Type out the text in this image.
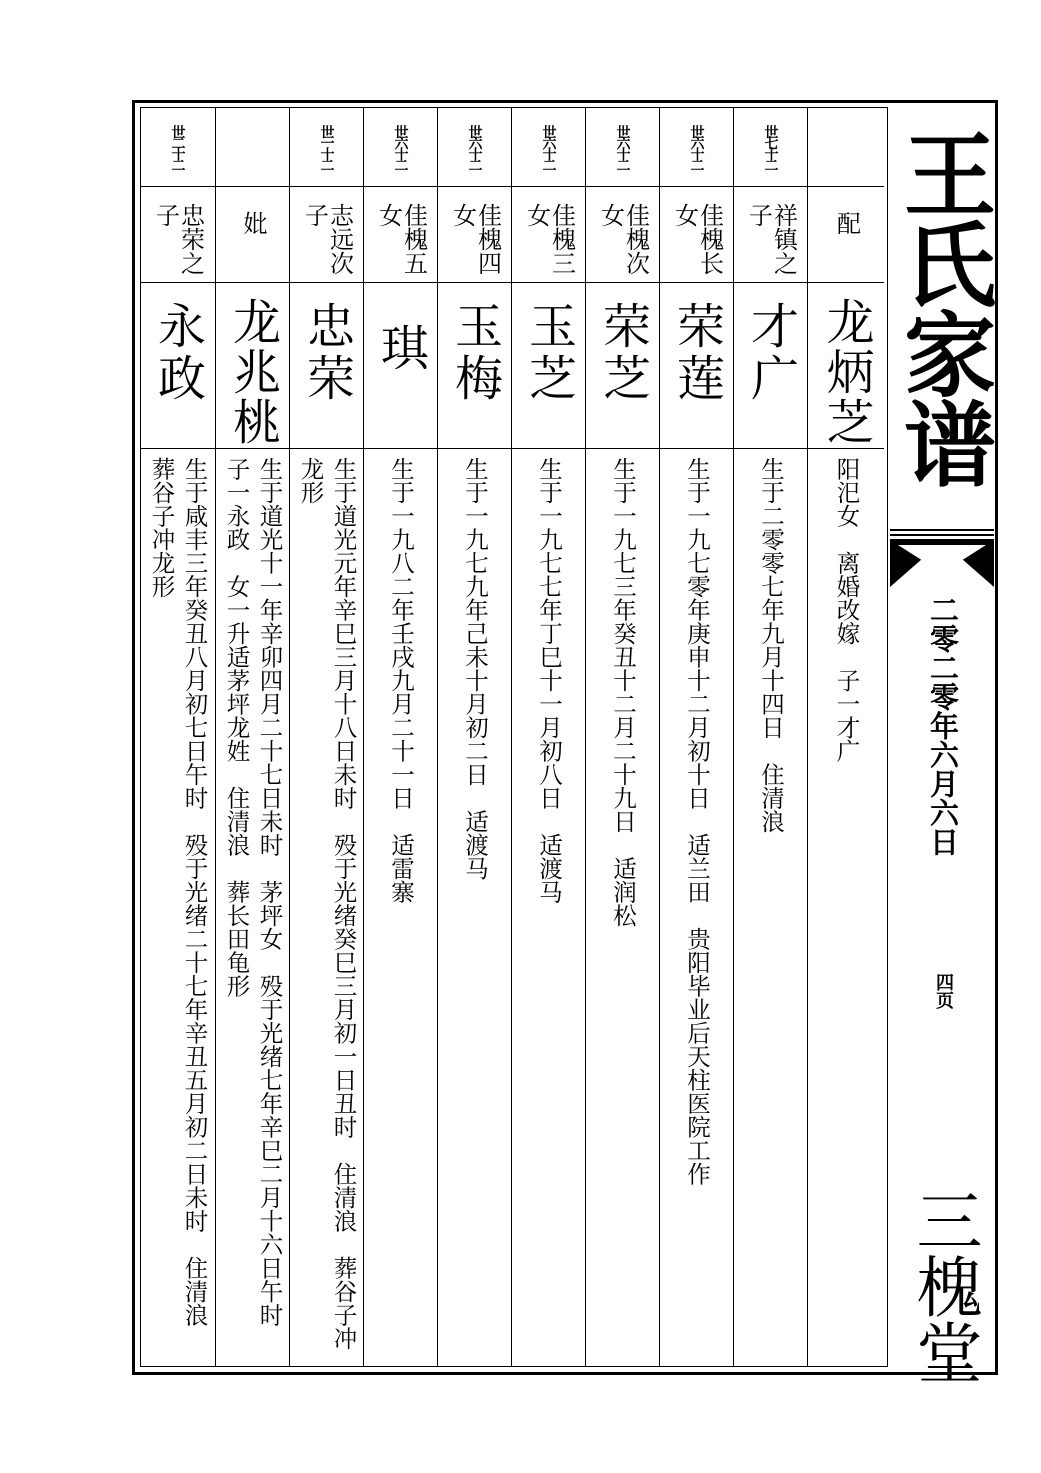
世二十二
忠荣之子
永政
生于咸丰三年癸丑八月初七日午时　殁于光绪二十七年辛丑五月初二日未时　住清浪　葬谷子冲龙形
妣
龙兆桃
生于道光十一年辛卯四月二十七日未时　茅坪女　殁于光绪七年辛巳二月十六日午时　子一永政　女一升适茅坪龙姓　住清浪　葬长田龟形
世一十二
志远次子
忠荣
生于道光元年辛巳三月十八日未时　殁于光绪癸巳三月初一日丑时　住清浪　葬谷子冲龙形
世六十二
佳槐五女
琪
生于一九八二年壬戌九月二十一日　适雷寨
世六十二
佳槐四女
玉梅
生于一九七九年己未十月初二日　适渡马
世六十二
佳槐三女
玉芝
生于一九七七年丁巳十一月初八日　适渡马
世六十二
佳槐次女
荣芝
生于一九七三年癸丑十二月二十九日　适润松
世六十二
佳槐长女
荣莲
生于一九七零年庚申十二月初十日　适兰田　贵阳毕业后天柱医院工作
世七十二
祥镇之子
才广
生于二零零七年九月十四日　住清浪
配
龙炳芝
阳汜女　离婚改嫁　子一才广
王氏家谱
二零二零年六月六日
四页
三槐堂
